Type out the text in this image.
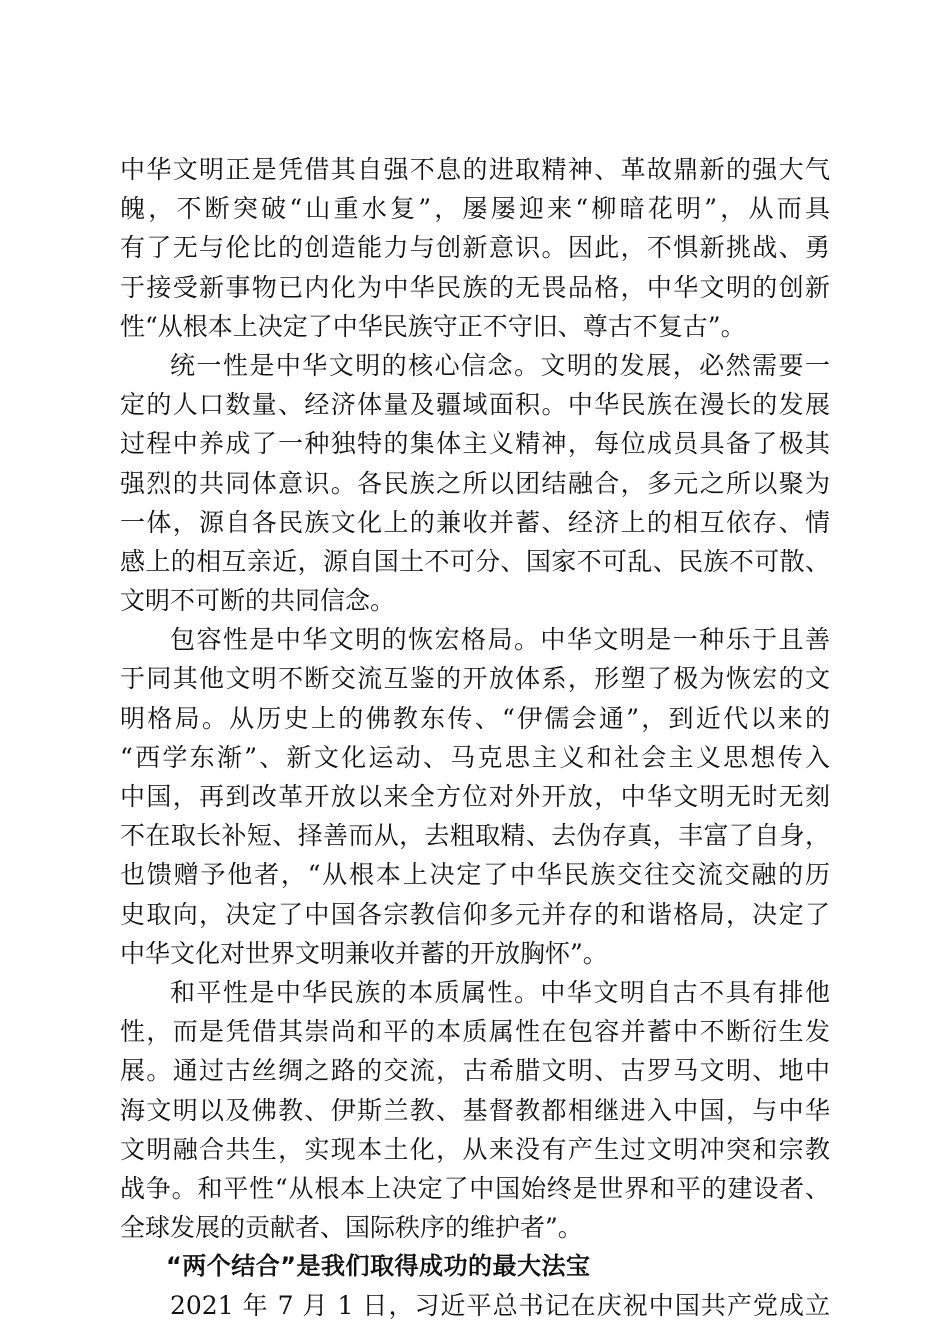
中华文明正是凭借其自强不息的进取精神、革故鼎新的强大气
魄，不断突破“山重水复”，屡屡迎来“柳暗花明”，从而具
有了无与伦比的创造能力与创新意识。因此，不惧新挑战、勇
于接受新事物已内化为中华民族的无畏品格，中华文明的创新
性“从根本上决定了中华民族守正不守旧、尊古不复古”。
统一性是中华文明的核心信念。文明的发展，必然需要一
定的人口数量、经济体量及疆域面积。中华民族在漫长的发展
过程中养成了一种独特的集体主义精神，每位成员具备了极其
强烈的共同体意识。各民族之所以团结融合，多元之所以聚为
一体，源自各民族文化上的兼收并蓄、经济上的相互依存、情
感上的相互亲近，源自国土不可分、国家不可乱、民族不可散、
文明不可断的共同信念。
包容性是中华文明的恢宏格局。中华文明是一种乐于且善
于同其他文明不断交流互鉴的开放体系，形塑了极为恢宏的文
明格局。从历史上的佛教东传、“伊儒会通”，到近代以来的
“西学东渐”、新文化运动、马克思主义和社会主义思想传入
中国，再到改革开放以来全方位对外开放，中华文明无时无刻
不在取长补短、择善而从，去粗取精、去伪存真，丰富了自身，
也馈赠予他者，“从根本上决定了中华民族交往交流交融的历
史取向，决定了中国各宗教信仰多元并存的和谐格局，决定了
中华文化对世界文明兼收并蓄的开放胸怀”。
和平性是中华民族的本质属性。中华文明自古不具有排他
性，而是凭借其崇尚和平的本质属性在包容并蓄中不断衍生发
展。通过古丝绸之路的交流，古希腊文明、古罗马文明、地中
海文明以及佛教、伊斯兰教、基督教都相继进入中国，与中华
文明融合共生，实现本土化，从来没有产生过文明冲突和宗教
战争。和平性“从根本上决定了中国始终是世界和平的建设者、
全球发展的贡献者、国际秩序的维护者”。
“两个结合”是我们取得成功的最大法宝
2021 年 7 月 1 日，习近平总书记在庆祝中国共产党成立
